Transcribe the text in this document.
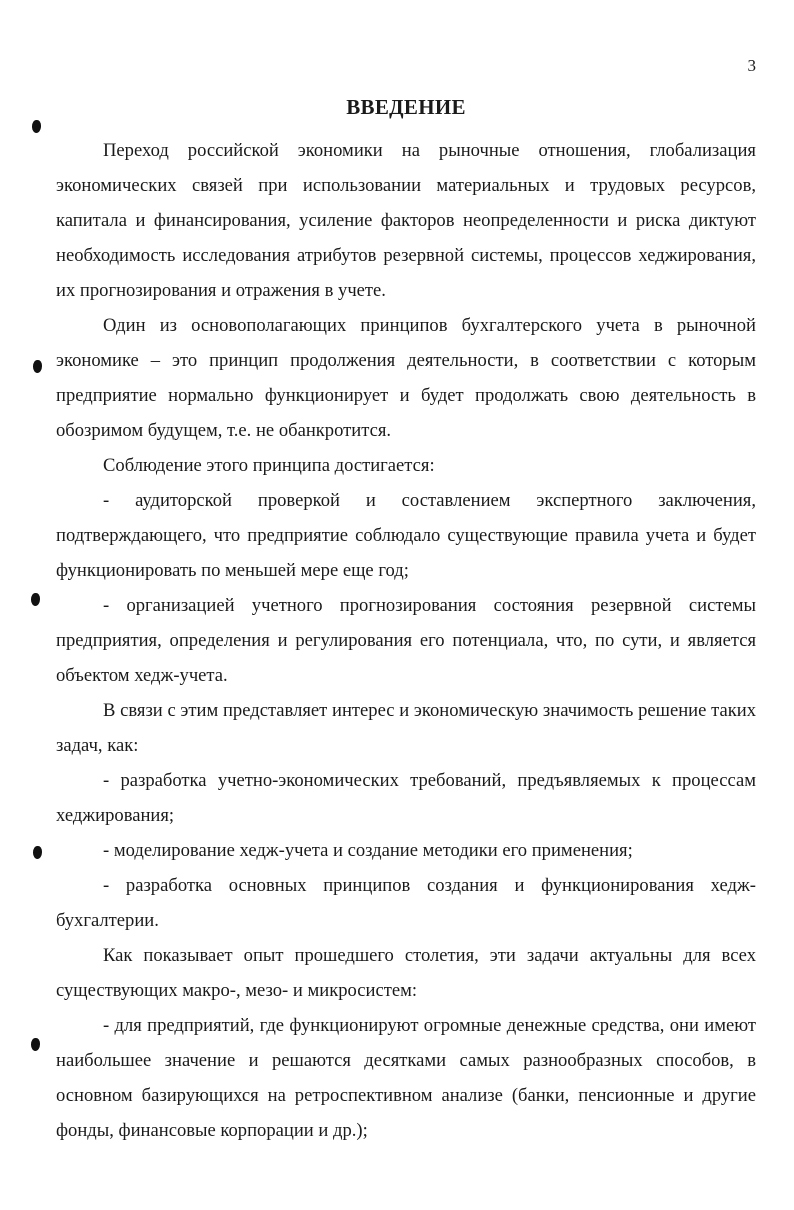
3
ВВЕДЕНИЕ

Переход российской экономики на рыночные отношения, глобализация экономических связей при использовании материальных и трудовых ресурсов, капитала и финансирования, усиление факторов неопределенности и риска диктуют необходимость исследования атрибутов резервной системы, процессов хеджирования, их прогнозирования и отражения в учете.

Один из основополагающих принципов бухгалтерского учета в рыночной экономике – это принцип продолжения деятельности, в соответствии с которым предприятие нормально функционирует и будет продолжать свою деятельность в обозримом будущем, т.е. не обанкротится.

Соблюдение этого принципа достигается:

- аудиторской проверкой и составлением экспертного заключения, подтверждающего, что предприятие соблюдало существующие правила учета и будет функционировать по меньшей мере еще год;

- организацией учетного прогнозирования состояния резервной системы предприятия, определения и регулирования его потенциала, что, по сути, и является объектом хедж-учета.

В связи с этим представляет интерес и экономическую значимость решение таких задач, как:

- разработка учетно-экономических требований, предъявляемых к процессам хеджирования;

- моделирование хедж-учета и создание методики его применения;

- разработка основных принципов создания и функционирования хедж-бухгалтерии.

Как показывает опыт прошедшего столетия, эти задачи актуальны для всех существующих макро-, мезо- и микросистем:

- для предприятий, где функционируют огромные денежные средства, они имеют наибольшее значение и решаются десятками самых разнообразных способов, в основном базирующихся на ретроспективном анализе (банки, пенсионные и другие фонды, финансовые корпорации и др.);
